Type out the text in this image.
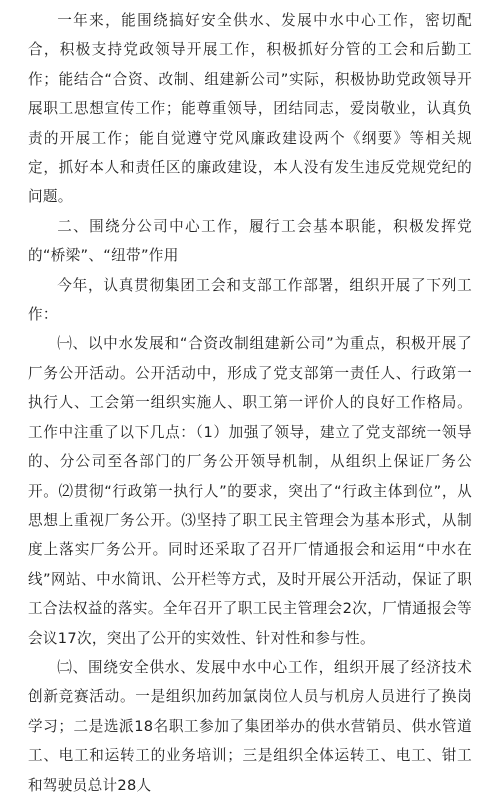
一年来，能围绕搞好安全供水、发展中水中心工作，密切配合，积极支持党政领导开展工作，积极抓好分管的工会和后勤工作；能结合“合资、改制、组建新公司”实际，积极协助党政领导开展职工思想宣传工作；能尊重领导，团结同志，爱岗敬业，认真负责的开展工作；能自觉遵守党风廉政建设两个《纲要》等相关规定，抓好本人和责任区的廉政建设，本人没有发生违反党规党纪的问题。

二、围绕分公司中心工作，履行工会基本职能，积极发挥党的“桥梁”、“纽带”作用

今年，认真贯彻集团工会和支部工作部署，组织开展了下列工作：

㈠、以中水发展和“合资改制组建新公司”为重点，积极开展了厂务公开活动。公开活动中，形成了党支部第一责任人、行政第一执行人、工会第一组织实施人、职工第一评价人的良好工作格局。工作中注重了以下几点：（1）加强了领导，建立了党支部统一领导的、分公司至各部门的厂务公开领导机制，从组织上保证厂务公开。⑵贯彻“行政第一执行人”的要求，突出了“行政主体到位”，从思想上重视厂务公开。⑶坚持了职工民主管理会为基本形式，从制度上落实厂务公开。同时还采取了召开厂情通报会和运用“中水在线”网站、中水简讯、公开栏等方式，及时开展公开活动，保证了职工合法权益的落实。全年召开了职工民主管理会2次，厂情通报会等会议17次，突出了公开的实效性、针对性和参与性。

㈡、围绕安全供水、发展中水中心工作，组织开展了经济技术创新竞赛活动。一是组织加药加氯岗位人员与机房人员进行了换岗学习；二是选派18名职工参加了集团举办的供水营销员、供水管道工、电工和运转工的业务培训；三是组织全体运转工、电工、钳工和驾驶员总计28人
